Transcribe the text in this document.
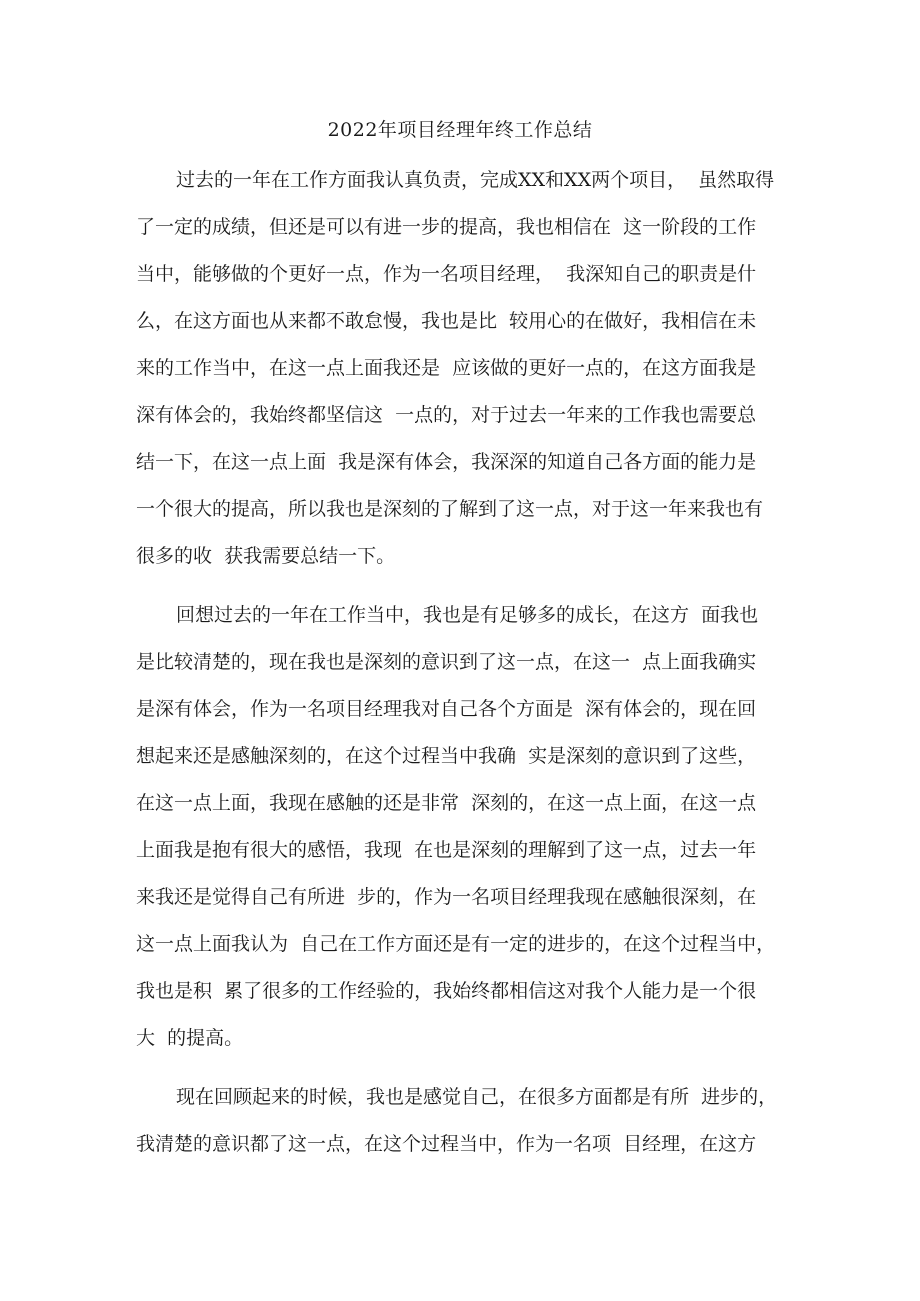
2022年项目经理年终工作总结
过去的一年在工作方面我认真负责，完成XX和XX两个项目，  虽然取得
了一定的成绩，但还是可以有进一步的提高，我也相信在  这一阶段的工作
当中，能够做的个更好一点，作为一名项目经理，  我深知自己的职责是什
么，在这方面也从来都不敢怠慢，我也是比  较用心的在做好，我相信在未
来的工作当中，在这一点上面我还是  应该做的更好一点的，在这方面我是
深有体会的，我始终都坚信这  一点的，对于过去一年来的工作我也需要总
结一下，在这一点上面  我是深有体会，我深深的知道自己各方面的能力是
一个很大的提高，所以我也是深刻的了解到了这一点，对于这一年来我也有
很多的收  获我需要总结一下。
回想过去的一年在工作当中，我也是有足够多的成长，在这方  面我也
是比较清楚的，现在我也是深刻的意识到了这一点，在这一  点上面我确实
是深有体会，作为一名项目经理我对自己各个方面是  深有体会的，现在回
想起来还是感触深刻的，在这个过程当中我确  实是深刻的意识到了这些，
在这一点上面，我现在感触的还是非常  深刻的，在这一点上面，在这一点
上面我是抱有很大的感悟，我现  在也是深刻的理解到了这一点，过去一年
来我还是觉得自己有所进  步的，作为一名项目经理我现在感触很深刻，在
这一点上面我认为  自己在工作方面还是有一定的进步的，在这个过程当中，
我也是积  累了很多的工作经验的，我始终都相信这对我个人能力是一个很
大  的提高。
现在回顾起来的时候，我也是感觉自己，在很多方面都是有所  进步的，
我清楚的意识都了这一点，在这个过程当中，作为一名项  目经理，在这方
